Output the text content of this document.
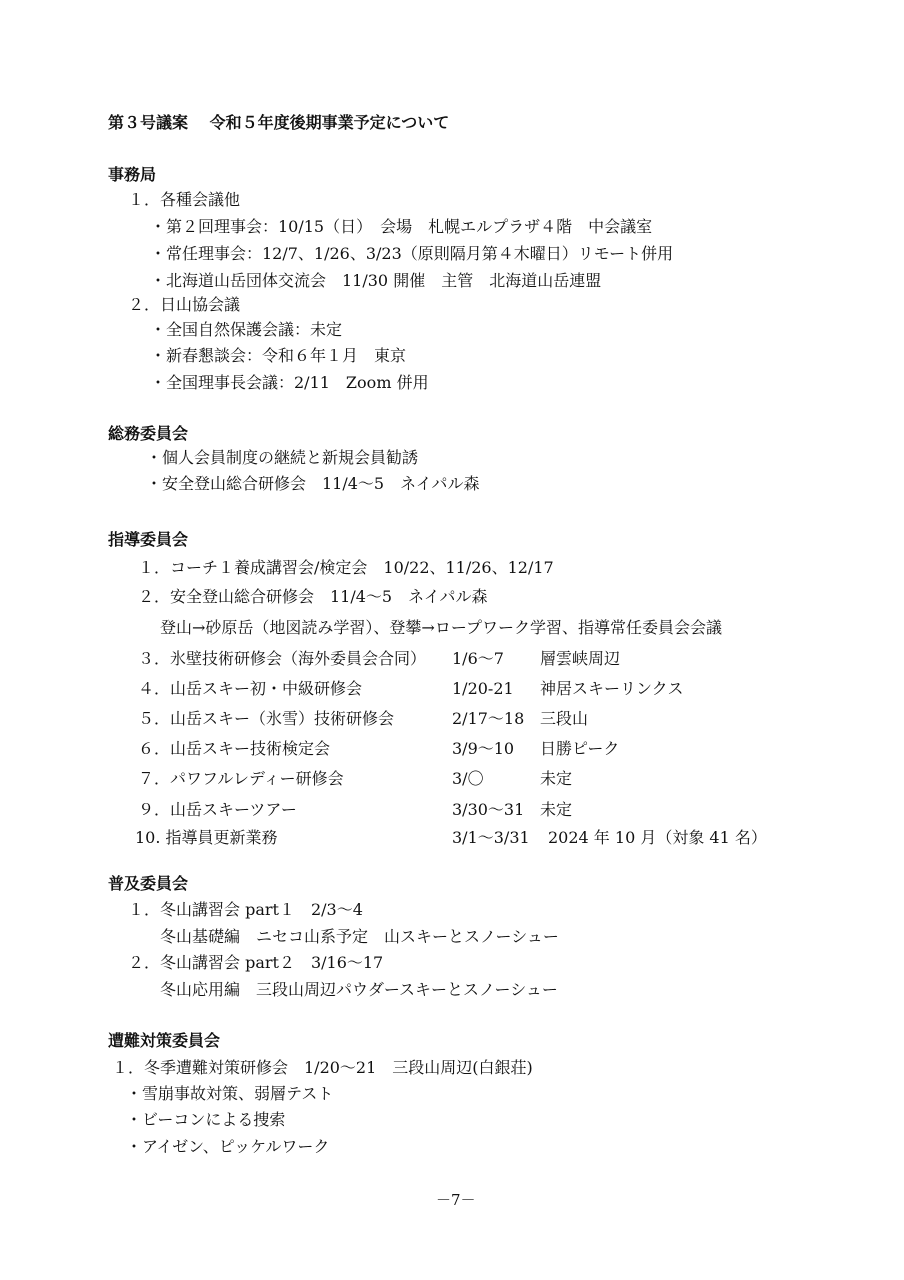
第３号議案　 令和５年度後期事業予定について
事務局
１．各種会議他
・第２回理事会：10/15（日）　会場　札幌エルプラザ４階　中会議室
・常任理事会：12/7、1/26、3/23（原則隔月第４木曜日）リモート併用
・北海道山岳団体交流会　11/30 開催　主管　北海道山岳連盟
２．日山協会議
・全国自然保護会議：未定
・新春懇談会：令和６年１月　東京
・全国理事長会議：2/11　Zoom 併用
総務委員会
・個人会員制度の継続と新規会員勧誘
・安全登山総合研修会　11/4～5　ネイパル森
指導委員会
１．コーチ１養成講習会/検定会　10/22、11/26、12/17
２．安全登山総合研修会　11/4～5　ネイパル森
登山→砂原岳（地図読み学習）、登攀→ロープワーク学習、指導常任委員会会議
３．氷壁技術研修会（海外委員会合同） 1/6～7 層雲峡周辺
４．山岳スキー初・中級研修会	1/20-21 神居スキーリンクス
５．山岳スキー（氷雪）技術研修会	2/17～18 三段山
６．山岳スキー技術検定会	3/9～10 日勝ピーク
７．パワフルレディー研修会	3/〇	未定
９．山岳スキーツアー	3/30～31 未定
10. 指導員更新業務	3/1～3/31 2024 年 10 月（対象 41 名）
普及委員会
１．冬山講習会 part１　2/3～4
冬山基礎編　ニセコ山系予定　山スキーとスノーシュー
２．冬山講習会 part２　3/16～17
冬山応用編　三段山周辺パウダースキーとスノーシュー
遭難対策委員会
１．冬季遭難対策研修会　1/20～21　三段山周辺(白銀荘)
・雪崩事故対策、弱層テスト
・ビーコンによる捜索
・アイゼン、ピッケルワーク
－7－
